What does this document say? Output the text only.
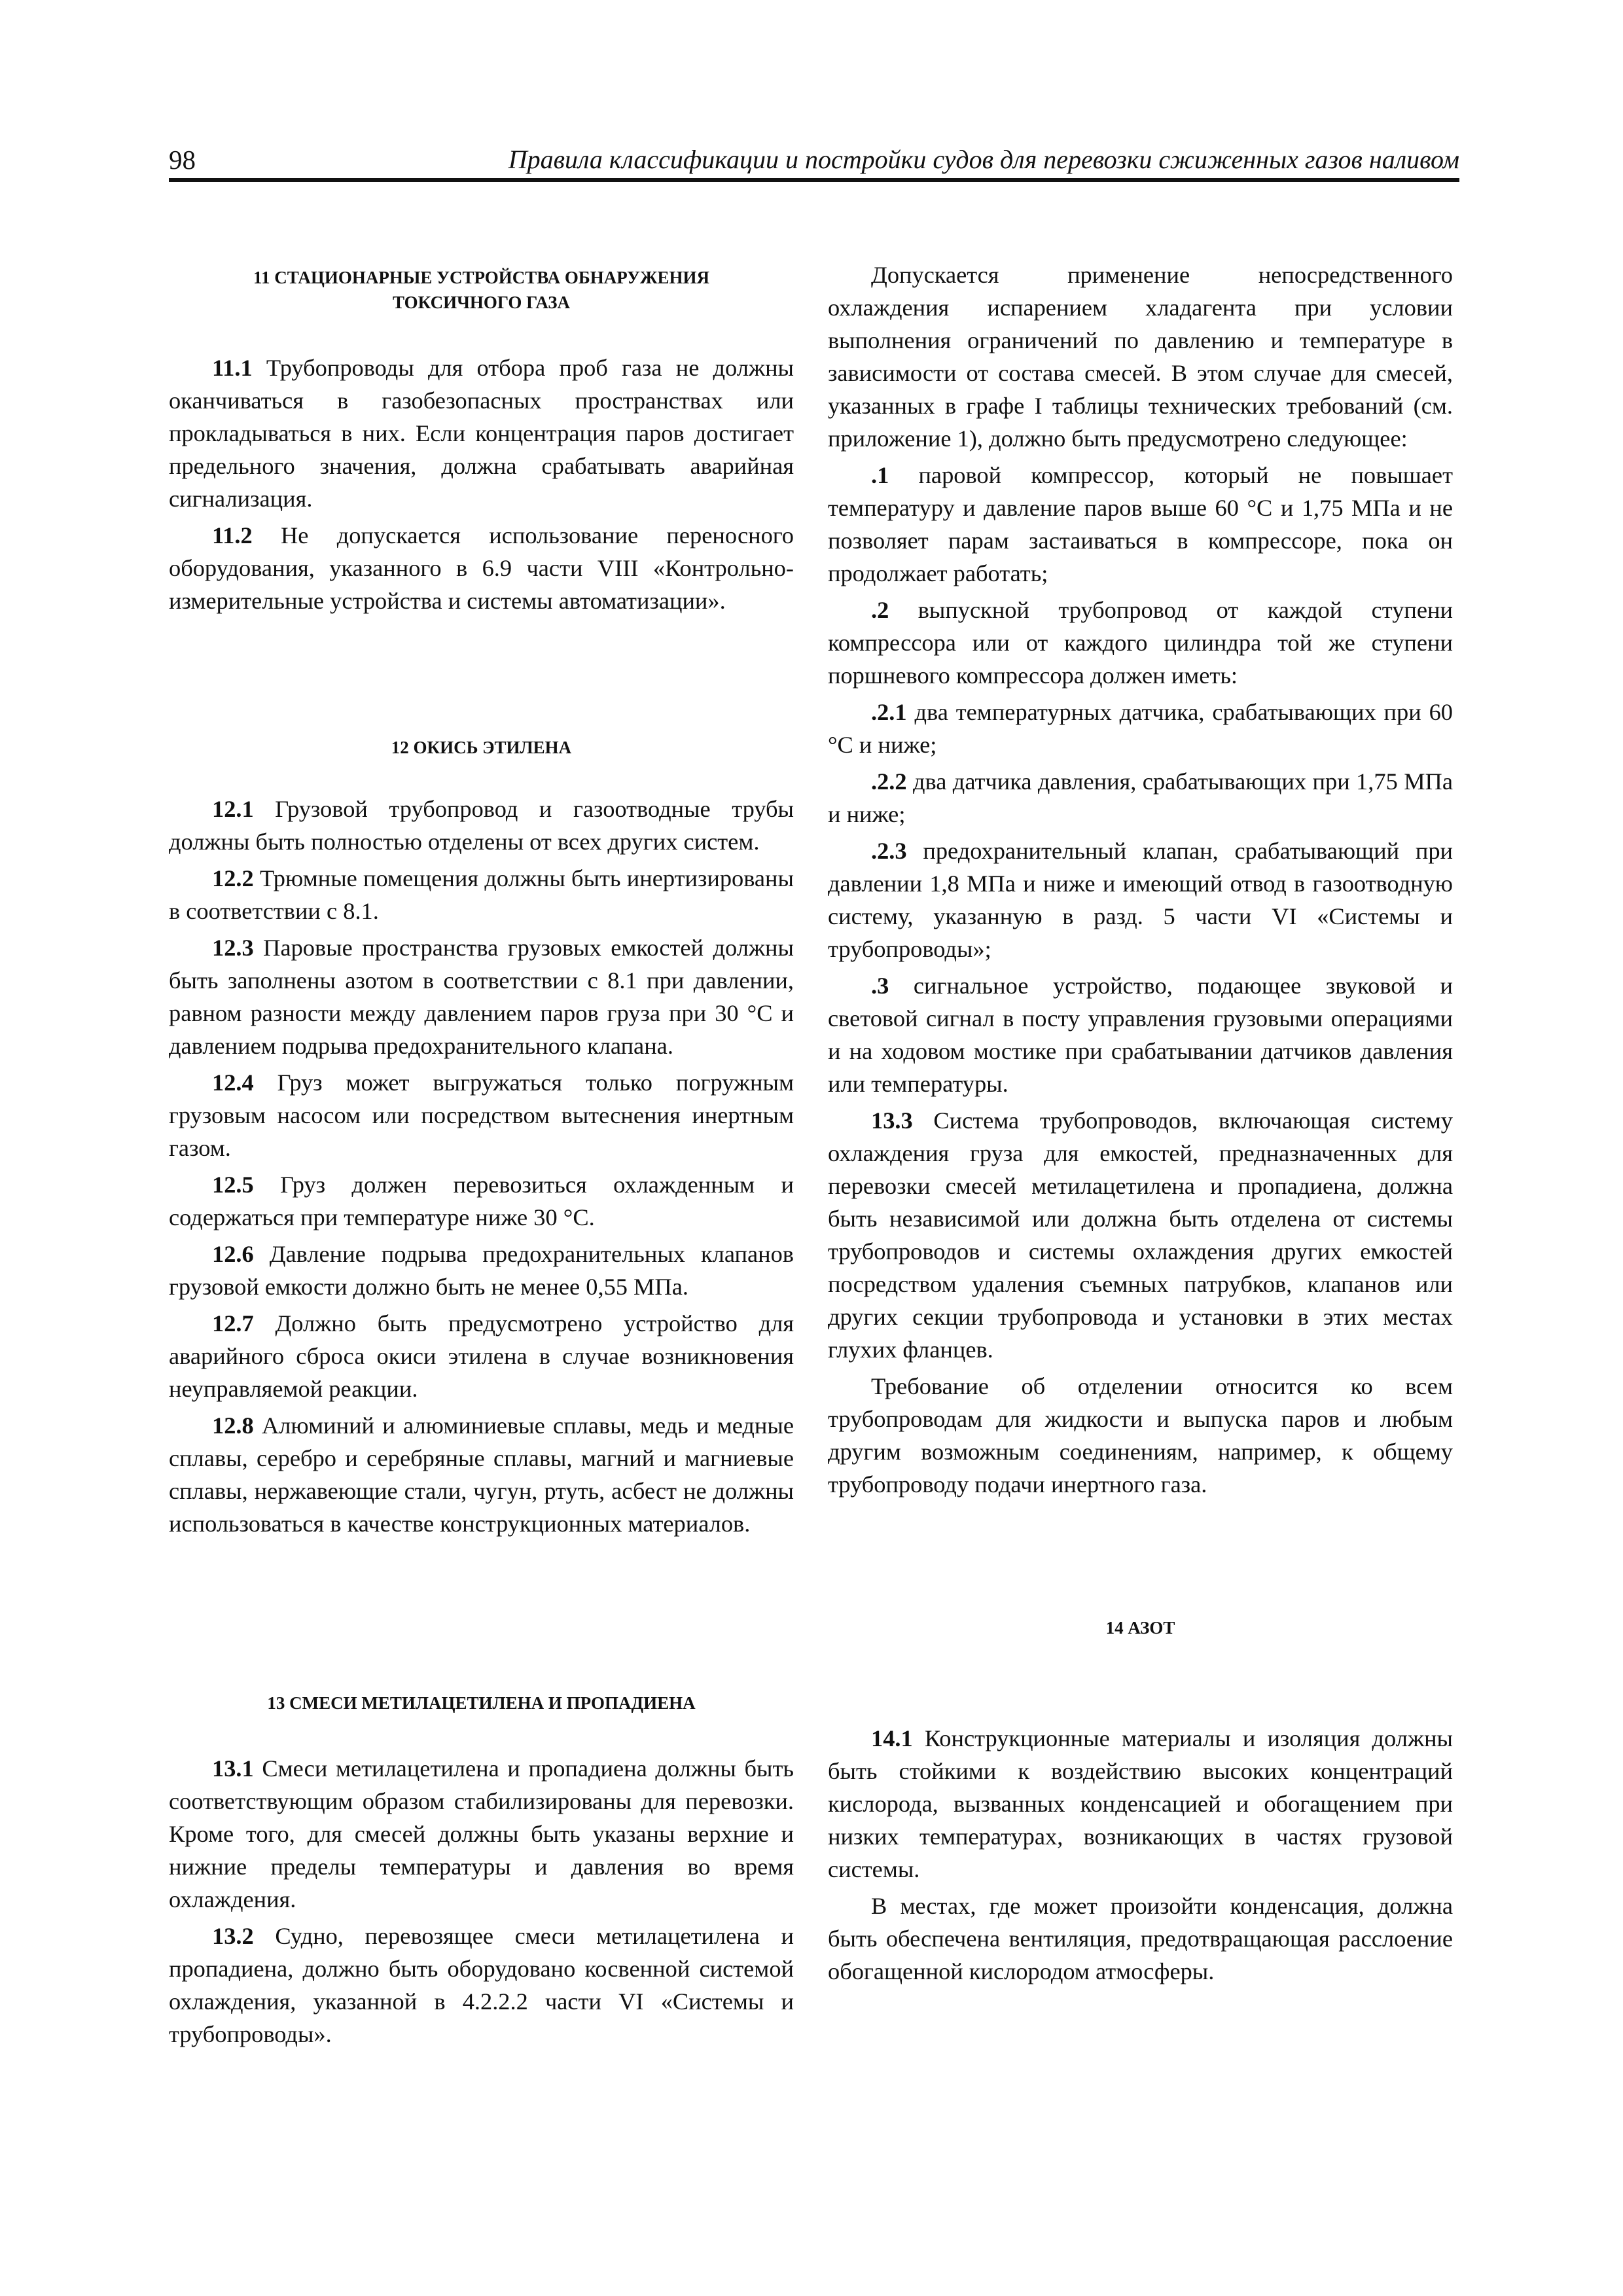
98	Правила классификации и постройки судов для перевозки сжиженных газов наливом
11 СТАЦИОНАРНЫЕ УСТРОЙСТВА ОБНАРУЖЕНИЯ ТОКСИЧНОГО ГАЗА

11.1 Трубопроводы для отбора проб газа не должны оканчиваться в газобезопасных пространствах или прокладываться в них. Если концентрация паров достигает предельного значения, должна срабатывать аварийная сигнализация.

11.2 Не допускается использование переносного оборудования, указанного в 6.9 части VIII «Контрольно-измерительные устройства и системы автоматизации».

12 ОКИСЬ ЭТИЛЕНА

12.1 Грузовой трубопровод и газоотводные трубы должны быть полностью отделены от всех других систем.

12.2 Трюмные помещения должны быть инертизированы в соответствии с 8.1.

12.3 Паровые пространства грузовых емкостей должны быть заполнены азотом в соответствии с 8.1 при давлении, равном разности между давлением паров груза при 30 °C и давлением подрыва предохранительного клапана.

12.4 Груз может выгружаться только погружным грузовым насосом или посредством вытеснения инертным газом.

12.5 Груз должен перевозиться охлажденным и содержаться при температуре ниже 30 °C.

12.6 Давление подрыва предохранительных клапанов грузовой емкости должно быть не менее 0,55 МПа.

12.7 Должно быть предусмотрено устройство для аварийного сброса окиси этилена в случае возникновения неуправляемой реакции.

12.8 Алюминий и алюминиевые сплавы, медь и медные сплавы, серебро и серебряные сплавы, магний и магниевые сплавы, нержавеющие стали, чугун, ртуть, асбест не должны использоваться в качестве конструкционных материалов.

13 СМЕСИ МЕТИЛАЦЕТИЛЕНА И ПРОПАДИЕНА

13.1 Смеси метилацетилена и пропадиена должны быть соответствующим образом стабилизированы для перевозки. Кроме того, для смесей должны быть указаны верхние и нижние пределы температуры и давления во время охлаждения.

13.2 Судно, перевозящее смеси метилацетилена и пропадиена, должно быть оборудовано косвенной системой охлаждения, указанной в 4.2.2.2 части VI «Системы и трубопроводы».

Допускается применение непосредственного охлаждения испарением хладагента при условии выполнения ограничений по давлению и температуре в зависимости от состава смесей. В этом случае для смесей, указанных в графе I таблицы технических требований (см. приложение 1), должно быть предусмотрено следующее:

.1 паровой компрессор, который не повышает температуру и давление паров выше 60 °C и 1,75 МПа и не позволяет парам застаиваться в компрессоре, пока он продолжает работать;

.2 выпускной трубопровод от каждой ступени компрессора или от каждого цилиндра той же ступени поршневого компрессора должен иметь:

.2.1 два температурных датчика, срабатывающих при 60 °C и ниже;

.2.2 два датчика давления, срабатывающих при 1,75 МПа и ниже;

.2.3 предохранительный клапан, срабатывающий при давлении 1,8 МПа и ниже и имеющий отвод в газоотводную систему, указанную в разд. 5 части VI «Системы и трубопроводы»;

.3 сигнальное устройство, подающее звуковой и световой сигнал в посту управления грузовыми операциями и на ходовом мостике при срабатывании датчиков давления или температуры.

13.3 Система трубопроводов, включающая систему охлаждения груза для емкостей, предназначенных для перевозки смесей метилацетилена и пропадиена, должна быть независимой или должна быть отделена от системы трубопроводов и системы охлаждения других емкостей посредством удаления съемных патрубков, клапанов или других секции трубопровода и установки в этих местах глухих фланцев.

Требование об отделении относится ко всем трубопроводам для жидкости и выпуска паров и любым другим возможным соединениям, например, к общему трубопроводу подачи инертного газа.

14 АЗОТ

14.1 Конструкционные материалы и изоляция должны быть стойкими к воздействию высоких концентраций кислорода, вызванных конденсацией и обогащением при низких температурах, возникающих в частях грузовой системы.

В местах, где может произойти конденсация, должна быть обеспечена вентиляция, предотвращающая расслоение обогащенной кислородом атмосферы.
